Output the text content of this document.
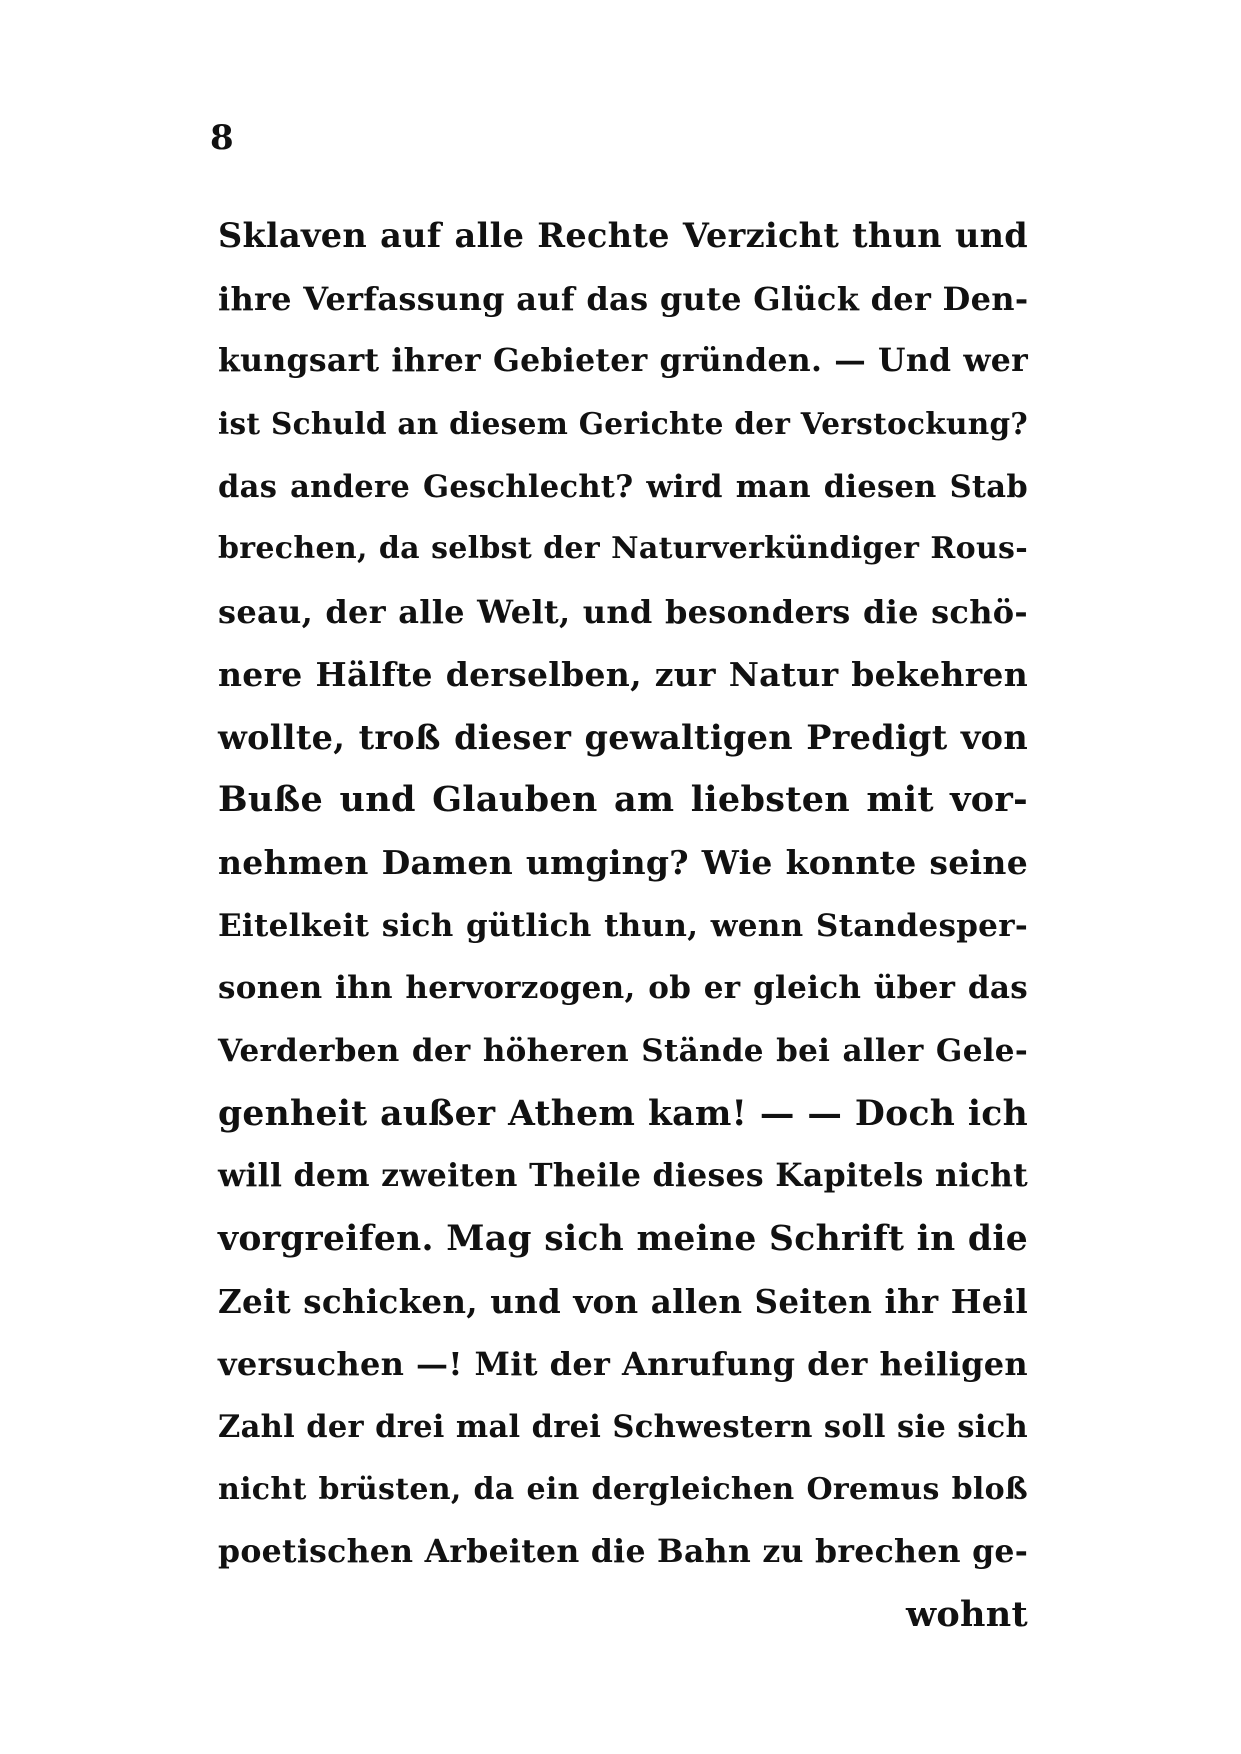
8
Sklaven auf alle Rechte Verzicht thun und
ihre Verfassung auf das gute Glück der Den-
kungsart ihrer Gebieter gründen. — Und wer
ist Schuld an diesem Gerichte der Verstockung?
das andere Geschlecht? wird man diesen Stab
brechen, da selbst der Naturverkündiger Rous-
seau, der alle Welt, und besonders die schö-
nere Hälfte derselben, zur Natur bekehren
wollte, troß dieser gewaltigen Predigt von
Buße und Glauben am liebsten mit vor-
nehmen Damen umging? Wie konnte seine
Eitelkeit sich gütlich thun, wenn Standesper-
sonen ihn hervorzogen, ob er gleich über das
Verderben der höheren Stände bei aller Gele-
genheit außer Athem kam! — — Doch ich
will dem zweiten Theile dieses Kapitels nicht
vorgreifen. Mag sich meine Schrift in die
Zeit schicken, und von allen Seiten ihr Heil
versuchen —! Mit der Anrufung der heiligen
Zahl der drei mal drei Schwestern soll sie sich
nicht brüsten, da ein dergleichen Oremus bloß
poetischen Arbeiten die Bahn zu brechen ge-
wohnt
